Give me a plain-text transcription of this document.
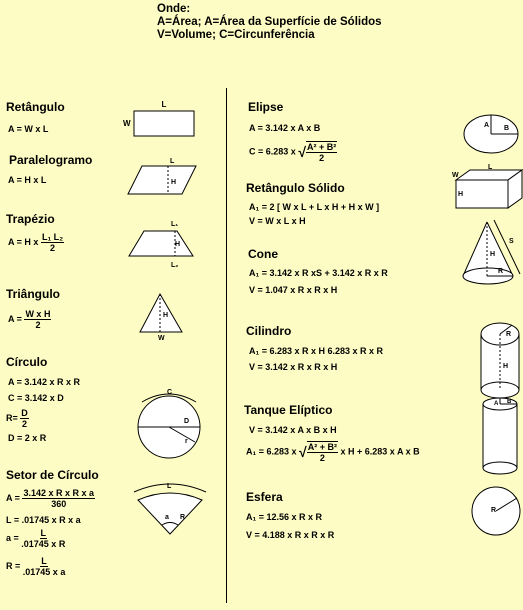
Onde:
A=Área; A=Área da Superfície de Sólidos
V=Volume; C=Circunferência
Retângulo
A = W x L
L
W
Paralelogramo
A = H x L
L
H
Trapézio
A = H x $\frac{\text{L₁ L₂}}{2}$
L₁
H
L₂
Triângulo
$A = \frac{\text{W x H}}{2}$	H
W
Círculo
A = 3.142 x R x R
C = 3.142 x D
$R= \frac{D}{2}$
D = 2 x R
C
D
r
Setor de Círculo
$A = \frac{\text{3.142 x R x R x a}}{360}$
L = .01745 x R x a
$a = \frac{L}{\text{.01745 x R}}$
$R = \frac{L}{\text{.01745 x a}}$
L
a R
Elipse
A = 3.142 x A x B
C = 6.283 x √ $\frac{\text{A² + B²}}{2}$
A B
Retângulo Sólido
A₁ = 2 [ W x L + L x H + H x W ]
V = W x L x H
L
W
H
Cone
A₁ = 3.142 x R xS + 3.142 x R x R
V = 1.047 x R x R x H
H
S
R
Cilindro
A₁ = 6.283 x R x H 6.283 x R x R
V = 3.142 x R x R x H
R
H
Tanque Elíptico
V = 3.142 x A x B x H
A₁ = 6.283 x √ $\frac{\text{A² + B²}}{2}$ x H + 6.283 x A x B
A B
Esfera
A₁ = 12.56 x R x R
V = 4.188 x R x R x R
R
